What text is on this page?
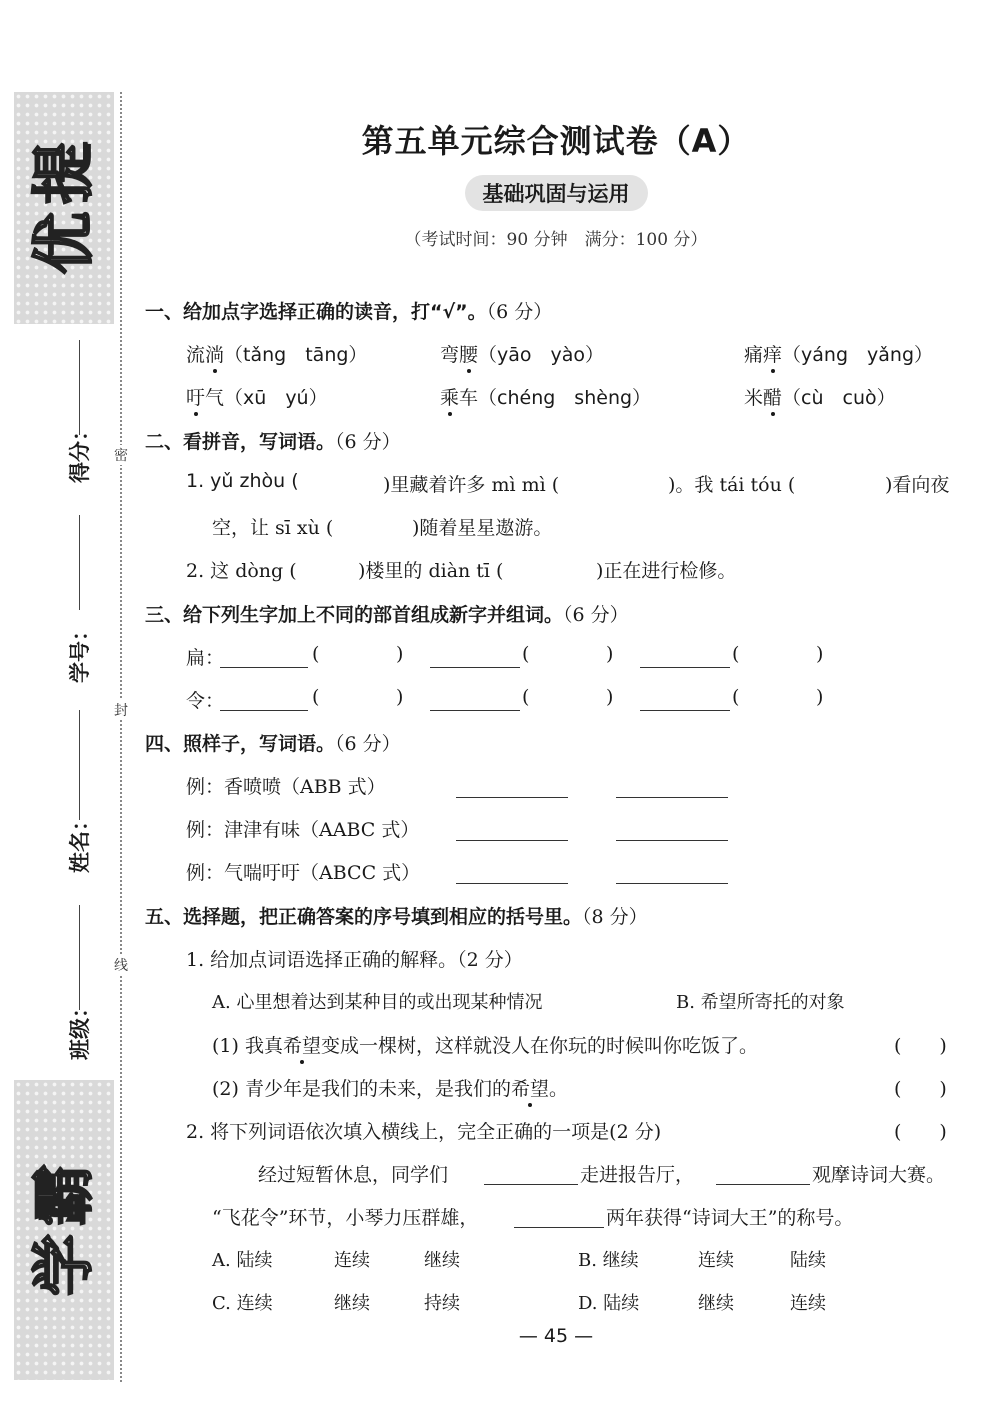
提
优
霸
学
密
封
线
得分：
学号：
姓名：
班级：
第五单元综合测试卷（A）
基础巩固与运用
（考试时间：90 分钟　满分：100 分）
一、给加点字选择正确的读音，打“√”。（6 分）
流淌（tǎng　tāng）	弯腰（yāo　yào）	痛痒（yáng　yǎng）
吁气（xū　yú）	乘车（chéng　shèng）	米醋（cù　cuò）
二、看拼音，写词语。（6 分）
1. yǔ zhòu (	)里藏着许多 mì mì (	)。我 tái tóu (	)看向夜
空，让 sī xù (	)随着星星遨游。
2. 这 dòng (	)楼里的 diàn tī (	)正在进行检修。
三、给下列生字加上不同的部首组成新字并组词。（6 分）
扁：	(	)	(	)	(	)
令：	(	)	(	)	(	)
四、照样子，写词语。（6 分）
例：香喷喷（ABB 式）
例：津津有味（AABC 式）
例：气喘吁吁（ABCC 式）
五、选择题，把正确答案的序号填到相应的括号里。（8 分）
1. 给加点词语选择正确的解释。（2 分）
A. 心里想着达到某种目的或出现某种情况	B. 希望所寄托的对象
(1) 我真希望变成一棵树，这样就没人在你玩的时候叫你吃饭了。	(　　)
(2) 青少年是我们的未来，是我们的希望。	(　　)
2. 将下列词语依次填入横线上，完全正确的一项是(2 分)	(　　)
经过短暂休息，同学们	走进报告厅，	观摩诗词大赛。
“飞花令”环节，小琴力压群雄，	两年获得“诗词大王”的称号。
A. 陆续	连续	继续	B. 继续	连续	陆续
C. 连续	继续	持续	D. 陆续	继续	连续
— 45 —
